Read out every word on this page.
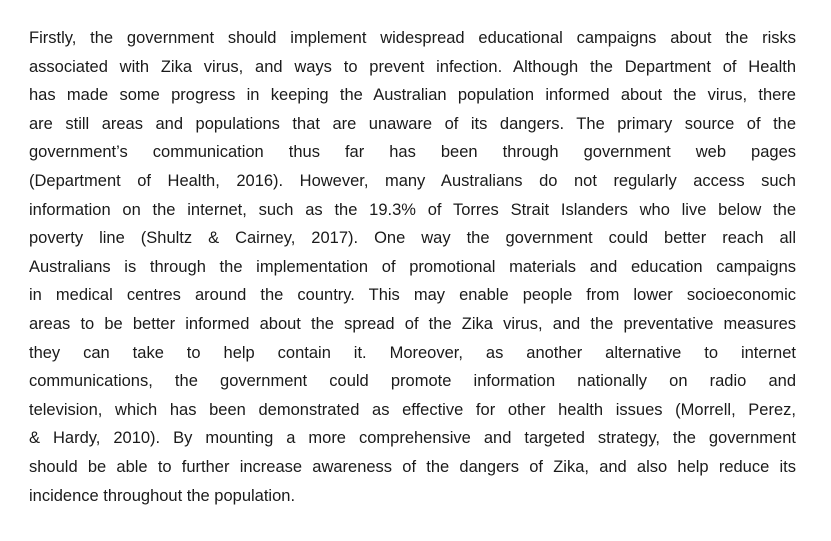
Firstly, the government should implement widespread educational campaigns about the risks
associated with Zika virus, and ways to prevent infection. Although the Department of Health
has made some progress in keeping the Australian population informed about the virus, there
are still areas and populations that are unaware of its dangers. The primary source of the
government’s communication thus far has been through government web pages
(Department of Health, 2016). However, many Australians do not regularly access such
information on the internet, such as the 19.3% of Torres Strait Islanders who live below the
poverty line (Shultz & Cairney, 2017). One way the government could better reach all
Australians is through the implementation of promotional materials and education campaigns
in medical centres around the country. This may enable people from lower socioeconomic
areas to be better informed about the spread of the Zika virus, and the preventative measures
they can take to help contain it. Moreover, as another alternative to internet
communications, the government could promote information nationally on radio and
television, which has been demonstrated as effective for other health issues (Morrell, Perez,
& Hardy, 2010). By mounting a more comprehensive and targeted strategy, the government
should be able to further increase awareness of the dangers of Zika, and also help reduce its
incidence throughout the population.
